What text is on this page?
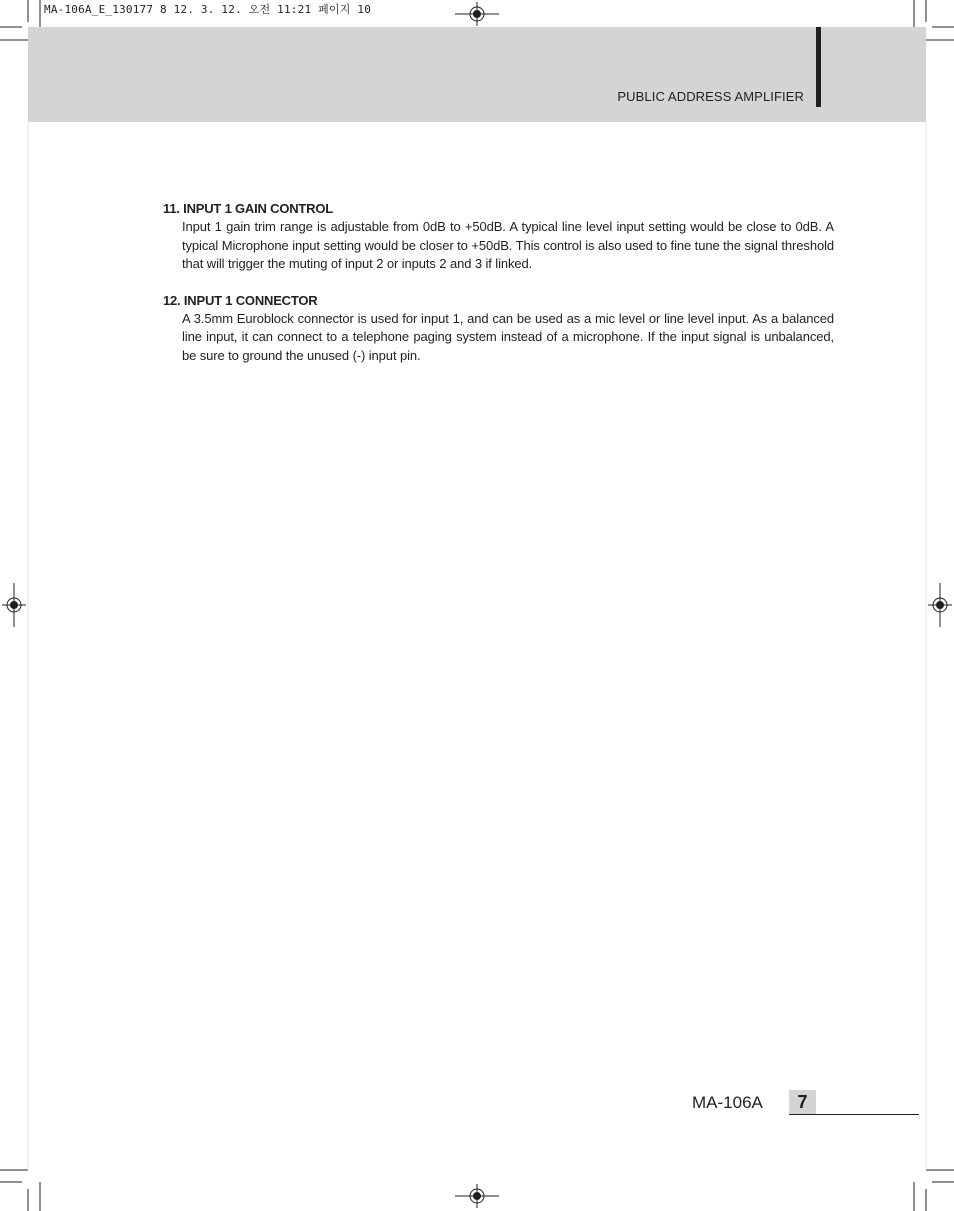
MA-106A_E_130177 8 12. 3. 12. 오전 11:21 페이지 10
PUBLIC ADDRESS AMPLIFIER
11. INPUT 1 GAIN CONTROL
Input 1 gain trim range is adjustable from 0dB to +50dB. A typical line level input setting would be close to 0dB. A typical Microphone input setting would be closer to +50dB. This control is also used to fine tune the signal threshold that will trigger the muting of input 2 or inputs 2 and 3 if linked.
12. INPUT 1 CONNECTOR
A 3.5mm Euroblock connector is used for input 1, and can be used as a mic level or line level input. As a balanced line input, it can connect to a telephone paging system instead of a microphone. If the input signal is unbalanced, be sure to ground the unused (-) input pin.
MA-106A	7
